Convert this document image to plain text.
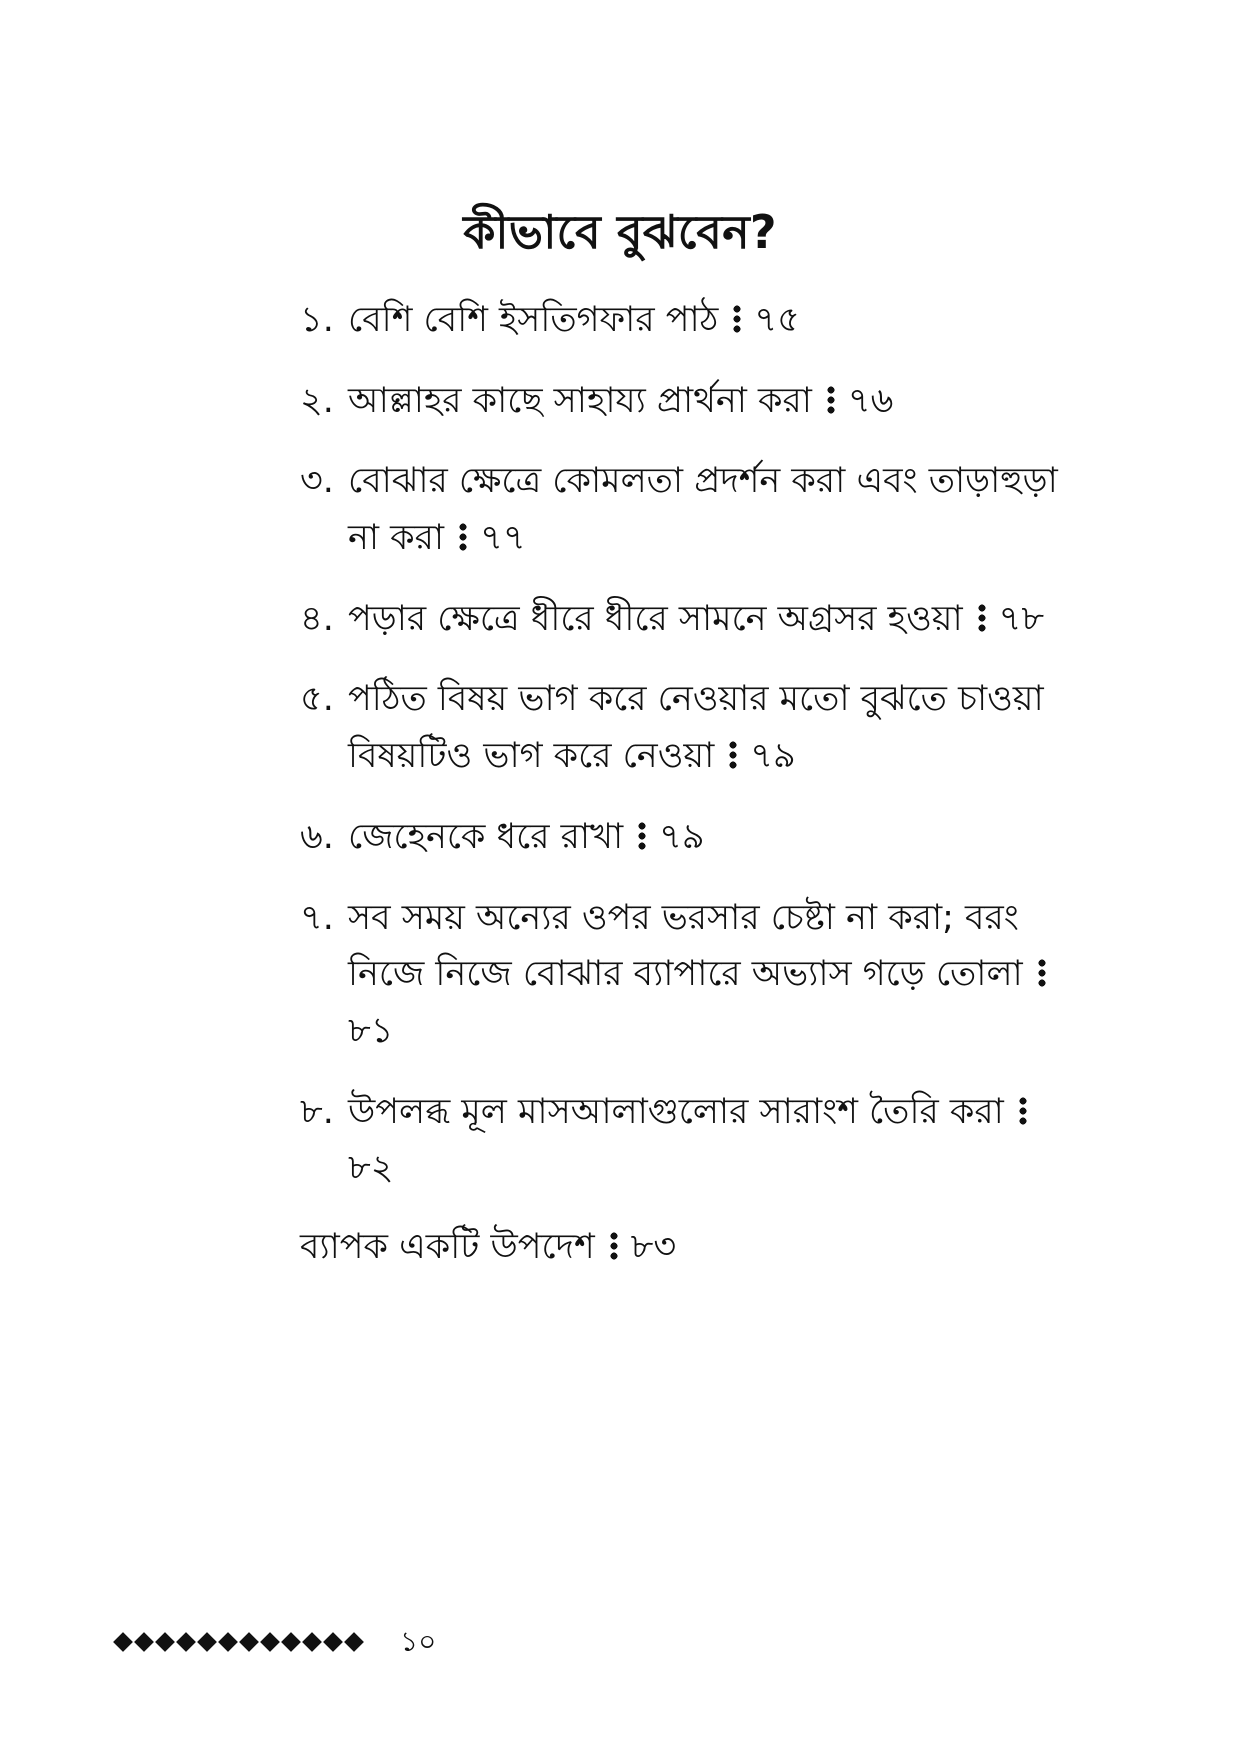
কীভাবে বুঝবেন?
১. বেশি বেশি ইসতিগফার পাঠ ৭৫
২. আল্লাহর কাছে সাহায্য প্রার্থনা করা ৭৬
৩. বোঝার ক্ষেত্রে কোমলতা প্রদর্শন করা এবং তাড়াহুড়া না করা ৭৭
৪. পড়ার ক্ষেত্রে ধীরে ধীরে সামনে অগ্রসর হওয়া ৭৮
৫. পঠিত বিষয় ভাগ করে নেওয়ার মতো বুঝতে চাওয়া বিষয়টিও ভাগ করে নেওয়া ৭৯
৬. জেহেনকে ধরে রাখা ৭৯
৭. সব সময় অন্যের ওপর ভরসার চেষ্টা না করা; বরং নিজে নিজে বোঝার ব্যাপারে অভ্যাস গড়ে তোলা৮১
৮. উপলব্ধ মূল মাসআলাগুলোর সারাংশ তৈরি করা৮২
ব্যাপক একটি উপদেশ ৮৩
১০
